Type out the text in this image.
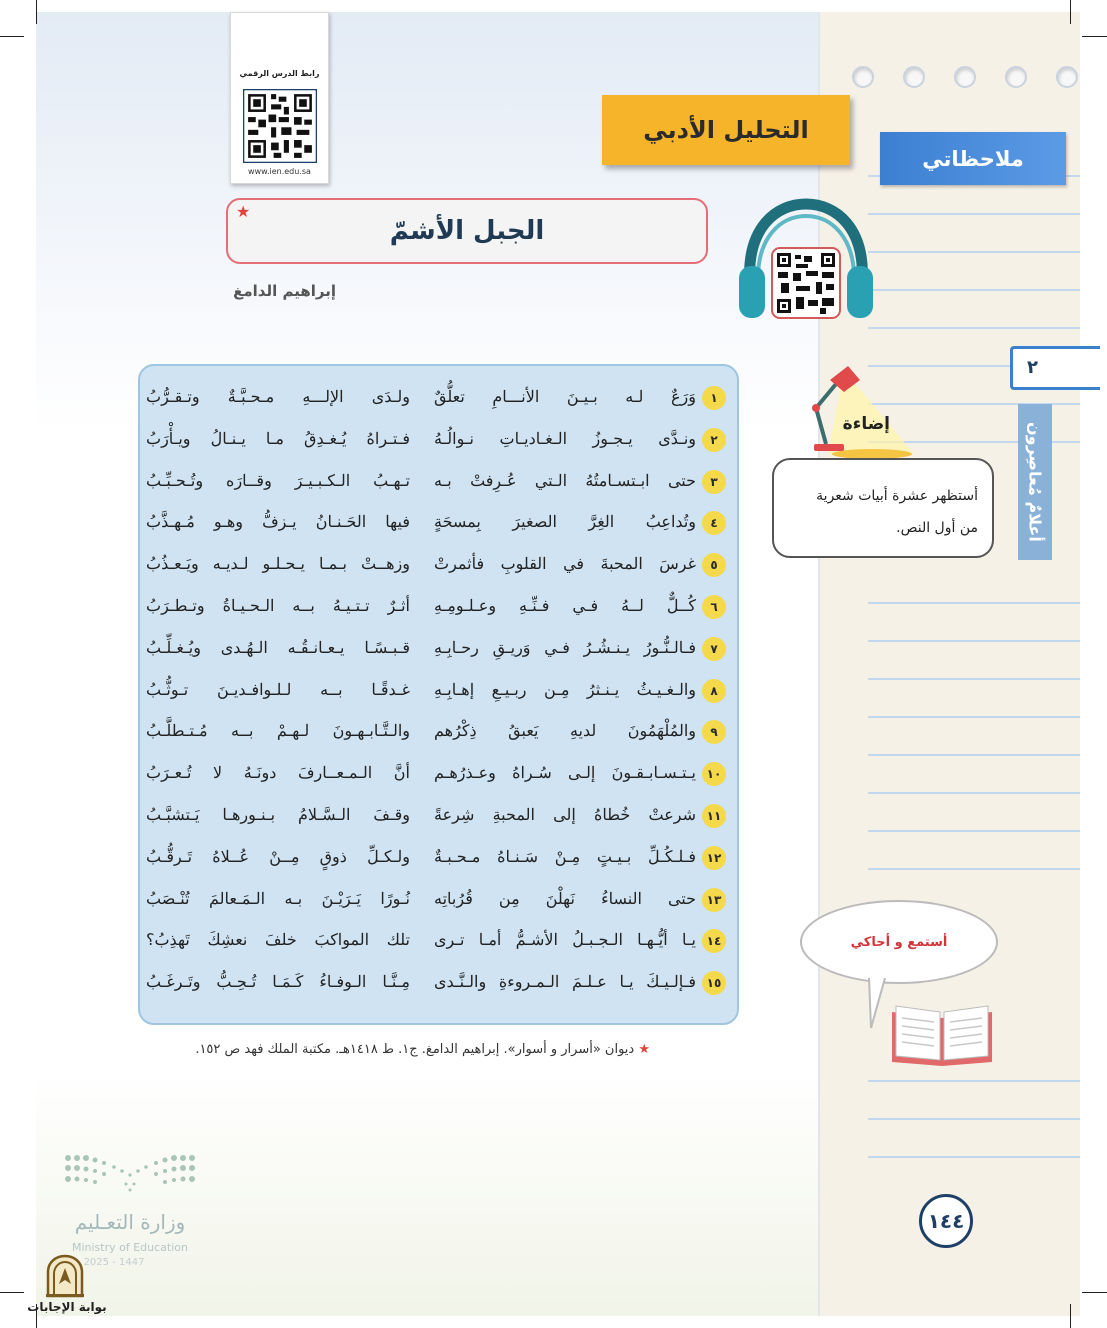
رابط الدرس الرقمي
www.ien.edu.sa
التحليل الأدبي
ملاحظاتي
الجبل الأشمّ
★
إبراهيم الدامغ
١
وَرَعٌ لـه بـيـنَ الأنـــامِ تعلُّقٌ
ولـدَى الإلـــهِ مـحـبَّـةٌ وتـقـرُّبُ
٢
ونـدَّى يـجـوزُ الـغـاديـاتِ نـوالُـهُ
فـتـراهُ يُـغـدِقُ مـا يـنـالُ ويـأْرَبُ
٣
حتى ابـتسـامتُهُ الـتي عُـرِفتْ بـه
تـهـبُ الـكـبـيـرَ وقــارَه وتُـحـبِّـبُ
٤
وتُداعِبُ الغِرَّ الصغيرَ بِمسحَةٍ
فيها الحَـنـانُ يـزفُّ وهـو مُـهـذَّبُ
٥
غرسَ المحبةَ في القلوبِ فأثمرتْ
وزهــتْ بـمـا يـحـلـو لـديـه ويَـعـذُبُ
٦
كُــلٌّ لــهُ فـي فـنِّـهِ وعـلـومِـهِ
أثـرٌ تـتـيـهُ بــه الـحـيـاةُ وتـطـرَبُ
٧
فـالـنُّـورُ يـنـشُـرُ فـي وَريـقِ رحـابِـهِ
قـبـسًـا يـعـانـقُـه الـهُـدى ويُـغـلِّـبُ
٨
والـغـيـثُ يـنـثرُ مِـن ربـيـعِ إهـابِـهِ
غـدقًـا بــه لـلـوافـديـنَ تـوثُّـبُ
٩
والمُلْهَمُونَ لديهِ يَعبقُ ذِكْرُهم
والـتَّـابـهـونَ لـهـمْ بــه مُـتـطلَّـبُ
١٠
يـتـسـابـقـونَ إلـى سُـراهُ وعـذرُهـم
أنَّ الـمـعــارفَ دونَـهُ لا تُـعـرَبُ
١١
شرعتْ خُطاهُ إلى المحبةِ شِرعةً
وقـفَ الـسَّـلامُ بـنـورهـا يَـتشبَّـبُ
١٢
فـلـكُـلِّ بـيـتٍ مِـنْ سَـنـاهُ مـحـبـةٌ
ولـكـلِّ ذوقٍ مِــنْ عُــلاهُ تَـرقُّـبُ
١٣
حتى النساءُ نَهلْنَ مِن قُرُباتِه
نُـورًا يَـرَيْـنَ بـه الـمَـعالمَ تُنْـصَبُ
١٤
يـا أيُّـهـا الـجـبـلُ الأشـمُّ أمـا تـرى
تلك المواكبَ خلفَ نعشِكَ تَهذِبُ؟
١٥
فـإلـيـكَ يـا عـلـمَ الـمـروءةِ والـنَّـدى
مِـنَّـا الـوفـاءُ كَـمَـا تُـحِـبُّ وتَـرغَـبُ
★ ديوان «أسرار و أسوار». إبراهيم الدامغ. ج١. ط ١٤١٨هـ. مكتبة الملك فهد ص ١٥٢.
وزارة التعـليم
Ministry of Education
2025 - 1447
بوابة الإجابات
١٤٤
٢
أعلامٌ مُعاصِرون
إضاءة
أستظهر عشرة أبيات شعرية
من أول النص.
أستمع و أحاكي
